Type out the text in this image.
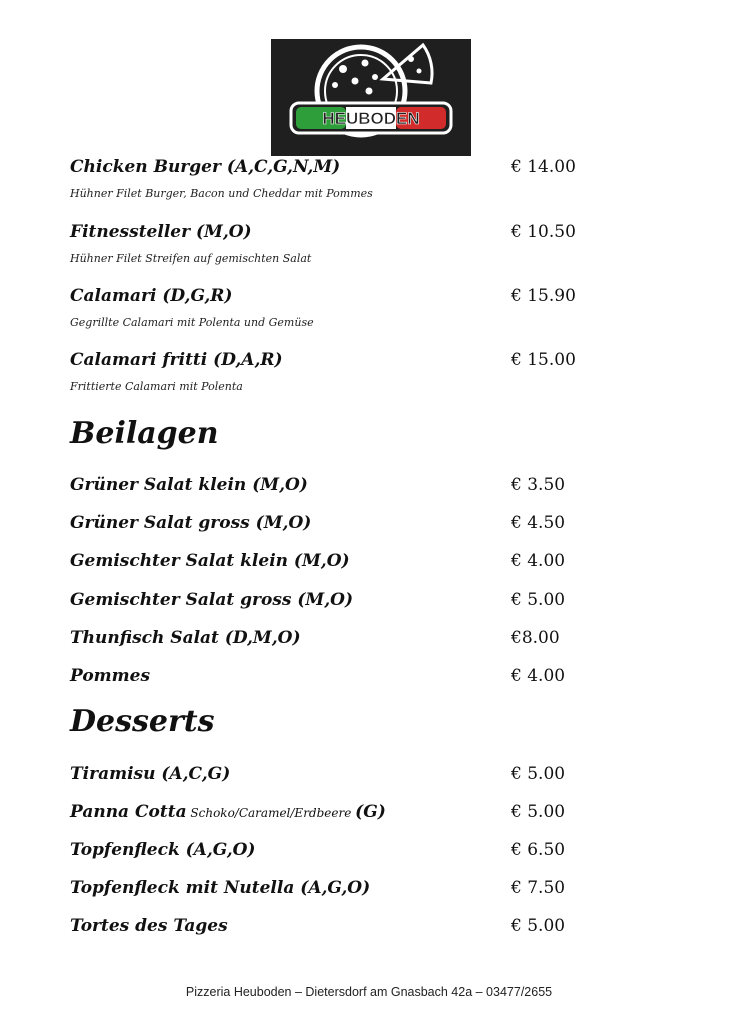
HEUBODEN
Chicken Burger (A,C,G,N,M)	€ 14.00
Hühner Filet Burger, Bacon und Cheddar mit Pommes
Fitnessteller (M,O)	€ 10.50
Hühner Filet Streifen auf gemischten Salat
Calamari (D,G,R)	€ 15.90
Gegrillte Calamari mit Polenta und Gemüse
Calamari fritti (D,A,R)	€ 15.00
Frittierte Calamari mit Polenta
Beilagen
Grüner Salat klein (M,O)	€ 3.50
Grüner Salat gross (M,O)	€ 4.50
Gemischter Salat klein (M,O)	€ 4.00
Gemischter Salat gross (M,O)	€ 5.00
Thunfisch Salat (D,M,O)	€8.00
Pommes	€ 4.00
Desserts
Tiramisu (A,C,G)	€ 5.00
Panna Cotta Schoko/Caramel/Erdbeere (G)	€ 5.00
Topfenfleck (A,G,O)	€ 6.50
Topfenfleck mit Nutella (A,G,O)	€ 7.50
Tortes des Tages	€ 5.00
Pizzeria Heuboden – Dietersdorf am Gnasbach 42a – 03477/2655
